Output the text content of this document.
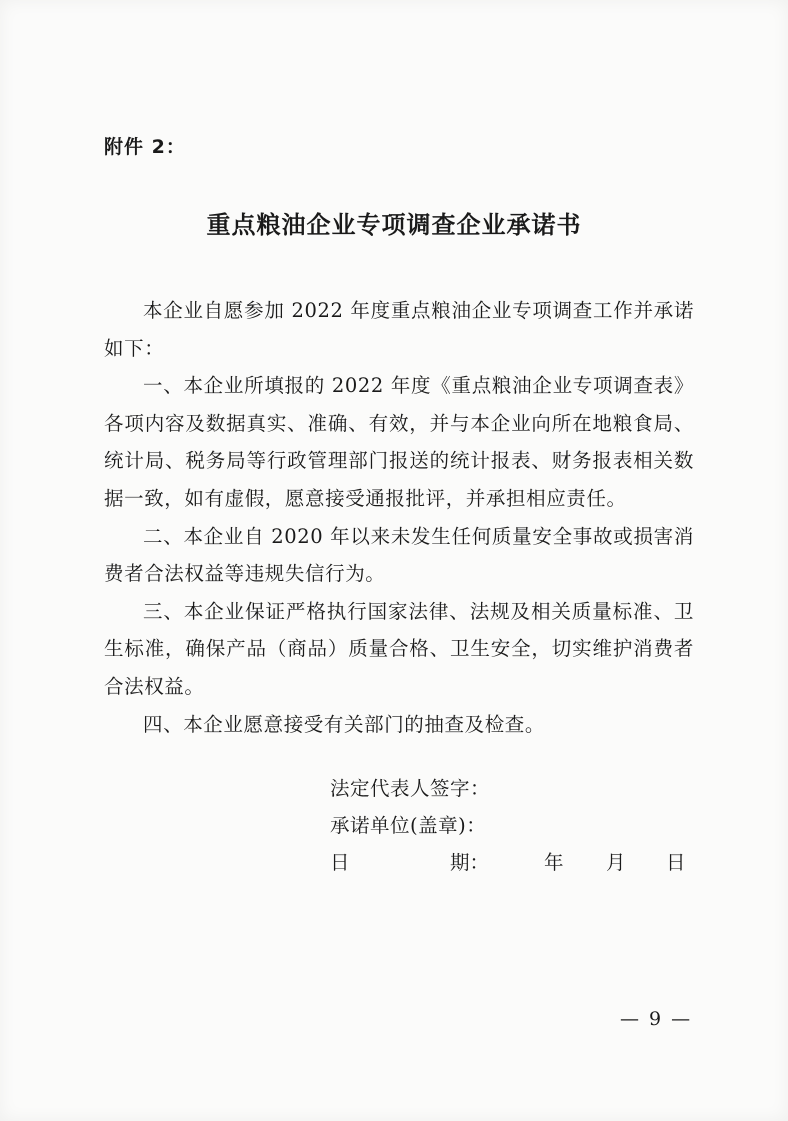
附件 2：
重点粮油企业专项调查企业承诺书

本企业自愿参加 2022 年度重点粮油企业专项调查工作并承诺如下：

一、本企业所填报的 2022 年度《重点粮油企业专项调查表》各项内容及数据真实、准确、有效，并与本企业向所在地粮食局、统计局、税务局等行政管理部门报送的统计报表、财务报表相关数据一致，如有虚假，愿意接受通报批评，并承担相应责任。

二、本企业自 2020 年以来未发生任何质量安全事故或损害消费者合法权益等违规失信行为。

三、本企业保证严格执行国家法律、法规及相关质量标准、卫生标准，确保产品（商品）质量合格、卫生安全，切实维护消费者合法权益。

四、本企业愿意接受有关部门的抽查及检查。

法定代表人签字：
承诺单位(盖章)：
日	期：	年 月 日
— 9 —
